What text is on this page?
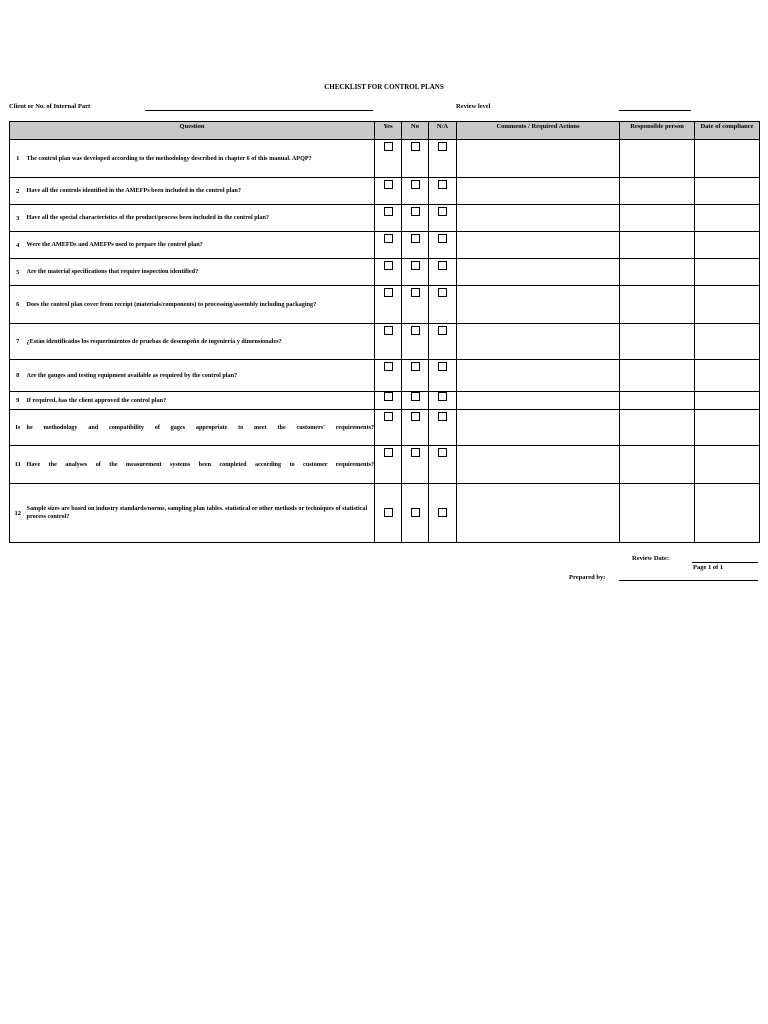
CHECKLIST FOR CONTROL PLANS
Client or No. of Internal Part	Review level
Question		Yes	No	N/A	Comments / Required Actions	Responsible person	Date of compliance
1	The control plan was developed according to the methodology described in chapter 6 of this manual. APQP?						
2	Have all the controls identified in the AMEFPs been included in the control plan?						
3	Have all the special characteristics of the product/process been included in the control plan?						
4	Were the AMEFDs and AMEFPs used to prepare the control plan?						
5	Are the material specifications that require inspection identified?						
6	Does the control plan cover from receipt (materials/components) to processing/assembly including packaging?						
7	¿Están identificados los requerimientos de pruebas de desempeño de ingeniería y dimensionales?						
8	Are the gauges and testing equipment available as required by the control plan?						
9	If required, has the client approved the control plan?						
Is	he methodology and compatibility of gages appropriate to meet the customers' requirements?						
11	Have the analyses of the measurement systems been completed according to customer requirements?						
12	Sample sizes are based on industry standards/norms, sampling plan tables. statistical or other methods or techniques of statistical process control?						
Review Date:
Page 1 of 1
Prepared by:
